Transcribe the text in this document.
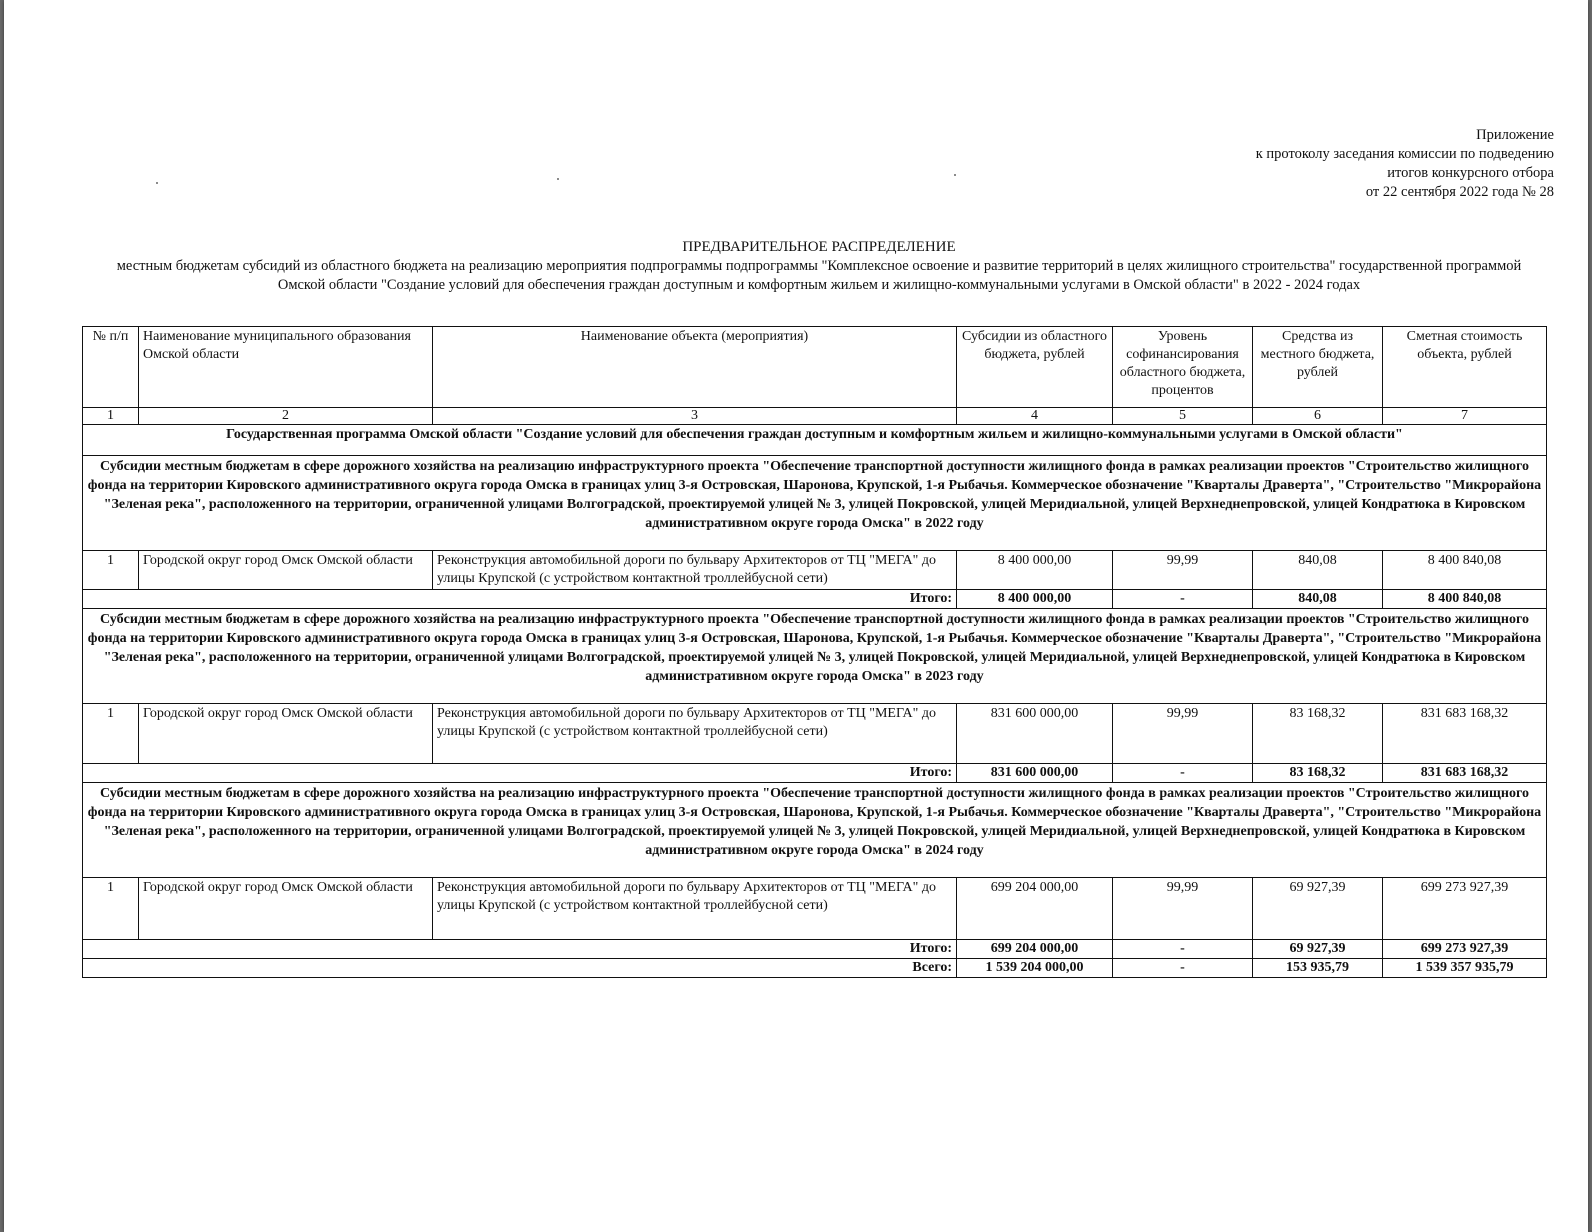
Приложение
к протоколу заседания комиссии по подведению
итогов конкурсного отбора
от 22 сентября 2022 года № 28
ПРЕДВАРИТЕЛЬНОЕ РАСПРЕДЕЛЕНИЕ
местным бюджетам субсидий из областного бюджета на реализацию мероприятия подпрограммы подпрограммы "Комплексное освоение и развитие территорий в целях жилищного строительства" государственной программой
Омской области "Создание условий для обеспечения граждан доступным и комфортным жильем и жилищно-коммунальными услугами в Омской области" в 2022 - 2024 годах
№ п/п	Наименование муниципального образования Омской области	Наименование объекта (мероприятия)	Субсидии из областного бюджета, рублей	Уровень софинансирования областного бюджета, процентов	Средства из местного бюджета, рублей	Сметная стоимость объекта, рублей
1	2	3	4	5	6	7
Государственная программа Омской области "Создание условий для обеспечения граждан доступным и комфортным жильем и жилищно-коммунальными услугами в Омской области"						
Субсидии местным бюджетам в сфере дорожного хозяйства на реализацию инфраструктурного проекта "Обеспечение транспортной доступности жилищного фонда в рамках реализации проектов "Строительство жилищного фонда на территории Кировского административного округа города Омска в границах улиц 3-я Островская, Шаронова, Крупской, 1-я Рыбачья. Коммерческое обозначение "Кварталы Драверта", "Строительство "Микрорайона "Зеленая река", расположенного на территории, ограниченной улицами Волгоградской, проектируемой улицей № 3, улицей Покровской, улицей Меридиальной, улицей Верхнеднепровской, улицей Кондратюка в Кировском административном округе города Омска" в 2022 году						
1	Городской округ город Омск Омской области	Реконструкция автомобильной дороги по бульвару Архитекторов от ТЦ "МЕГА" до улицы Крупской (с устройством контактной троллейбусной сети)	8 400 000,00	99,99	840,08	8 400 840,08
Итого:			8 400 000,00	-	840,08	8 400 840,08
Субсидии местным бюджетам в сфере дорожного хозяйства на реализацию инфраструктурного проекта "Обеспечение транспортной доступности жилищного фонда в рамках реализации проектов "Строительство жилищного фонда на территории Кировского административного округа города Омска в границах улиц 3-я Островская, Шаронова, Крупской, 1-я Рыбачья. Коммерческое обозначение "Кварталы Драверта", "Строительство "Микрорайона "Зеленая река", расположенного на территории, ограниченной улицами Волгоградской, проектируемой улицей № 3, улицей Покровской, улицей Меридиальной, улицей Верхнеднепровской, улицей Кондратюка в Кировском административном округе города Омска" в 2023 году						
1	Городской округ город Омск Омской области	Реконструкция автомобильной дороги по бульвару Архитекторов от ТЦ "МЕГА" до улицы Крупской (с устройством контактной троллейбусной сети)	831 600 000,00	99,99	83 168,32	831 683 168,32
Итого:			831 600 000,00	-	83 168,32	831 683 168,32
Субсидии местным бюджетам в сфере дорожного хозяйства на реализацию инфраструктурного проекта "Обеспечение транспортной доступности жилищного фонда в рамках реализации проектов "Строительство жилищного фонда на территории Кировского административного округа города Омска в границах улиц 3-я Островская, Шаронова, Крупской, 1-я Рыбачья. Коммерческое обозначение "Кварталы Драверта", "Строительство "Микрорайона "Зеленая река", расположенного на территории, ограниченной улицами Волгоградской, проектируемой улицей № 3, улицей Покровской, улицей Меридиальной, улицей Верхнеднепровской, улицей Кондратюка в Кировском административном округе города Омска" в 2024 году						
1	Городской округ город Омск Омской области	Реконструкция автомобильной дороги по бульвару Архитекторов от ТЦ "МЕГА" до улицы Крупской (с устройством контактной троллейбусной сети)	699 204 000,00	99,99	69 927,39	699 273 927,39
Итого:			699 204 000,00	-	69 927,39	699 273 927,39
Всего:			1 539 204 000,00	-	153 935,79	1 539 357 935,79
